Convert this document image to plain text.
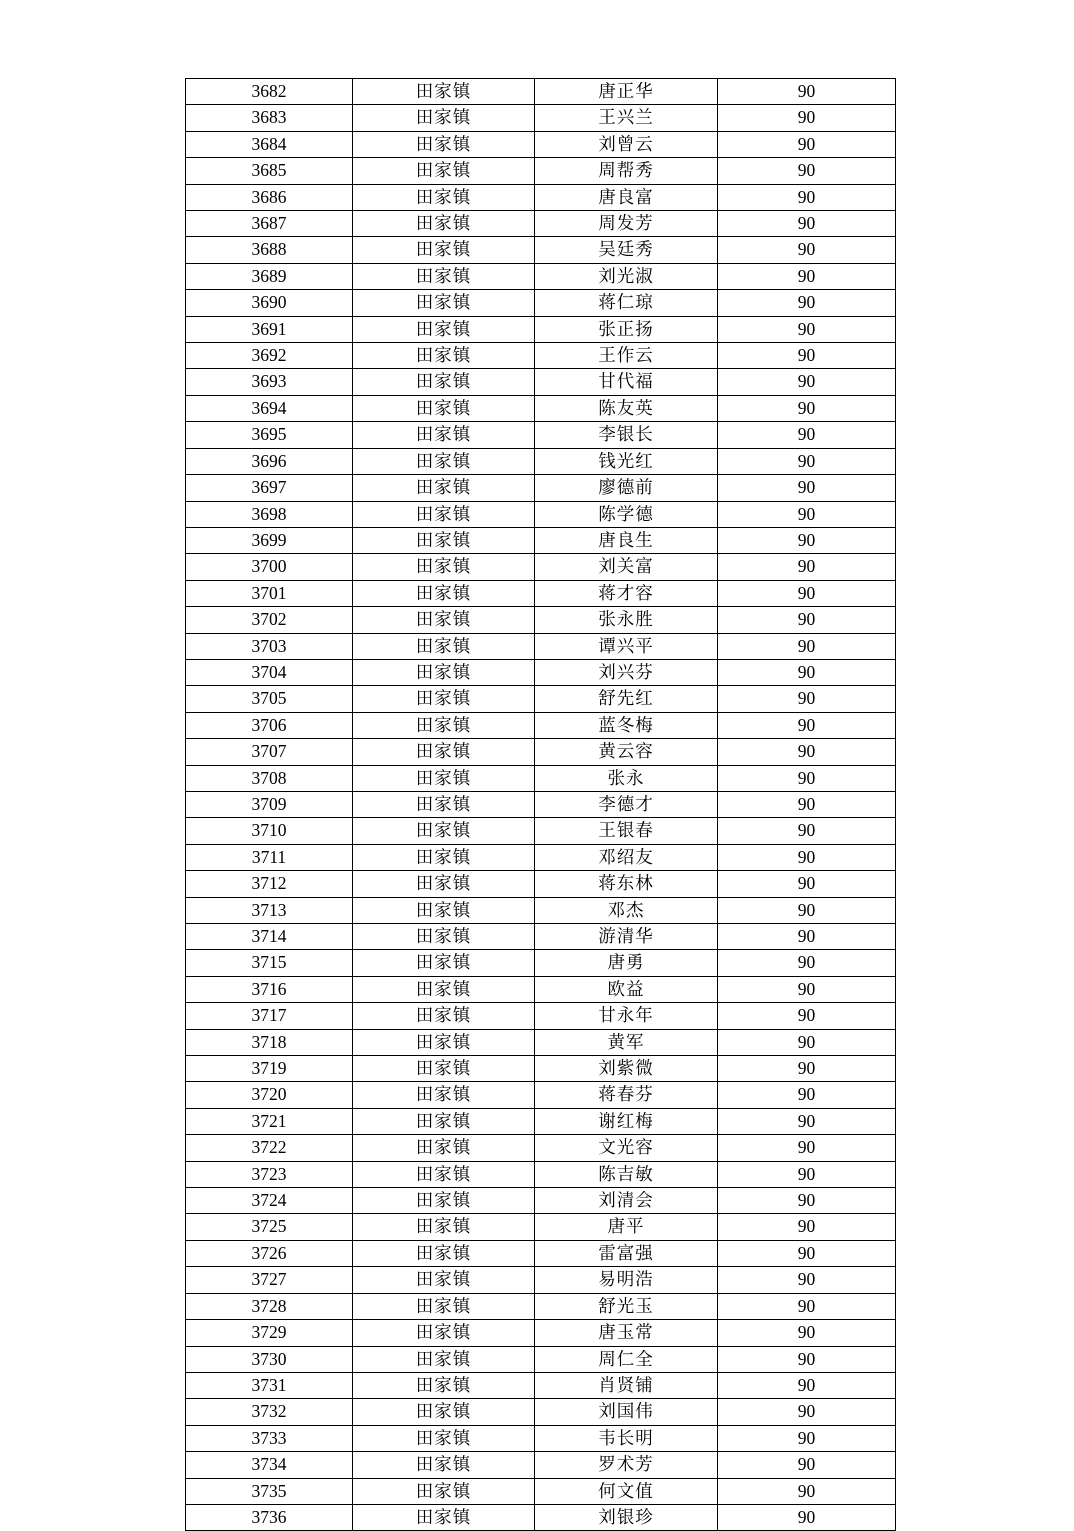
3682	田家镇	唐正华	90
3683	田家镇	王兴兰	90
3684	田家镇	刘曾云	90
3685	田家镇	周帮秀	90
3686	田家镇	唐良富	90
3687	田家镇	周发芳	90
3688	田家镇	吴廷秀	90
3689	田家镇	刘光淑	90
3690	田家镇	蒋仁琼	90
3691	田家镇	张正扬	90
3692	田家镇	王作云	90
3693	田家镇	甘代福	90
3694	田家镇	陈友英	90
3695	田家镇	李银长	90
3696	田家镇	钱光红	90
3697	田家镇	廖德前	90
3698	田家镇	陈学德	90
3699	田家镇	唐良生	90
3700	田家镇	刘关富	90
3701	田家镇	蒋才容	90
3702	田家镇	张永胜	90
3703	田家镇	谭兴平	90
3704	田家镇	刘兴芬	90
3705	田家镇	舒先红	90
3706	田家镇	蓝冬梅	90
3707	田家镇	黄云容	90
3708	田家镇	张永	90
3709	田家镇	李德才	90
3710	田家镇	王银春	90
3711	田家镇	邓绍友	90
3712	田家镇	蒋东林	90
3713	田家镇	邓杰	90
3714	田家镇	游清华	90
3715	田家镇	唐勇	90
3716	田家镇	欧益	90
3717	田家镇	甘永年	90
3718	田家镇	黄军	90
3719	田家镇	刘紫微	90
3720	田家镇	蒋春芬	90
3721	田家镇	谢红梅	90
3722	田家镇	文光容	90
3723	田家镇	陈吉敏	90
3724	田家镇	刘清会	90
3725	田家镇	唐平	90
3726	田家镇	雷富强	90
3727	田家镇	易明浩	90
3728	田家镇	舒光玉	90
3729	田家镇	唐玉常	90
3730	田家镇	周仁全	90
3731	田家镇	肖贤铺	90
3732	田家镇	刘国伟	90
3733	田家镇	韦长明	90
3734	田家镇	罗术芳	90
3735	田家镇	何文值	90
3736	田家镇	刘银珍	90
